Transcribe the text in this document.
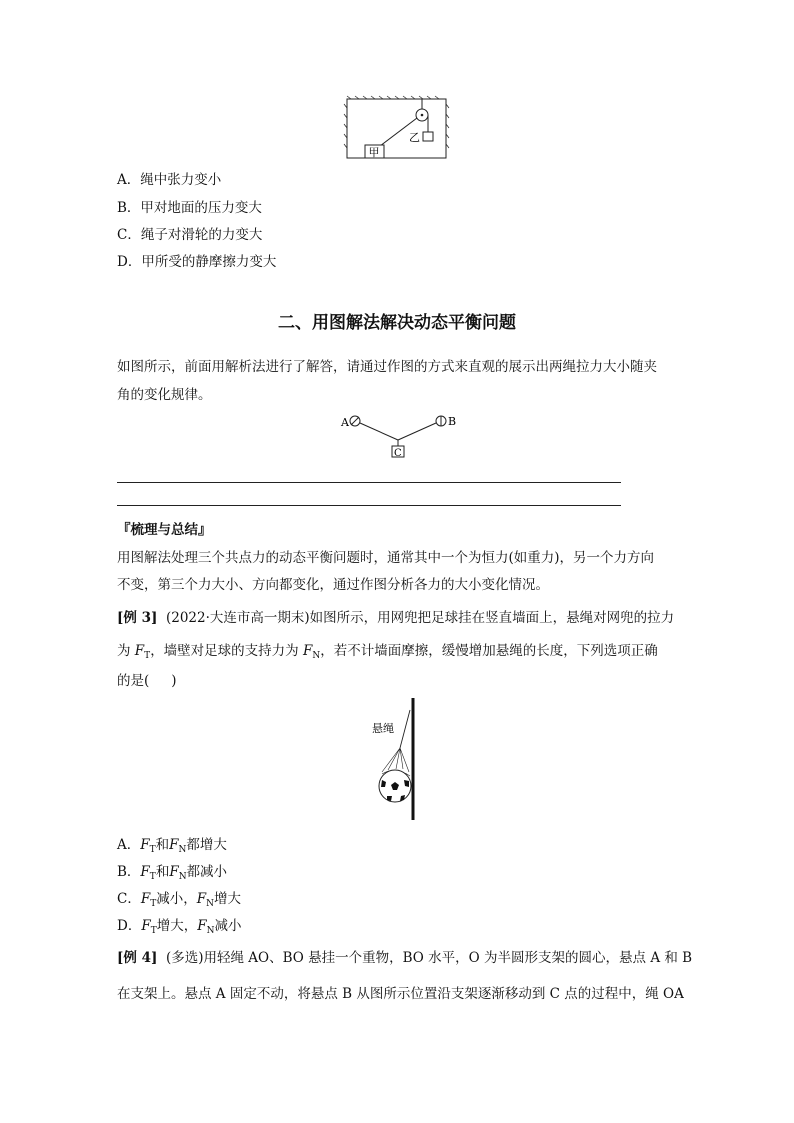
甲
乙
A．绳中张力变小
B．甲对地面的压力变大
C．绳子对滑轮的力变大
D．甲所受的静摩擦力变大
二、用图解法解决动态平衡问题
如图所示，前面用解析法进行了解答，请通过作图的方式来直观的展示出两绳拉力大小随夹
角的变化规律。
A	B
C
『梳理与总结』
用图解法处理三个共点力的动态平衡问题时，通常其中一个为恒力(如重力)，另一个力方向
不变，第三个力大小、方向都变化，通过作图分析各力的大小变化情况。
[例 3] (2022·大连市高一期末)如图所示，用网兜把足球挂在竖直墙面上，悬绳对网兜的拉力
为 $F_T$，墙壁对足球的支持力为 $F_N$，若不计墙面摩擦，缓慢增加悬绳的长度，下列选项正确
的是( )
悬绳
A．$F_T$和$F_N$都增大
B．$F_T$和$F_N$都减小
C．$F_T$减小，$F_N$增大
D．$F_T$增大，$F_N$减小
[例 4] (多选)用轻绳 AO、BO 悬挂一个重物，BO 水平，O 为半圆形支架的圆心，悬点 A 和 B
在支架上。悬点 A 固定不动，将悬点 B 从图所示位置沿支架逐渐移动到 C 点的过程中，绳 OA
